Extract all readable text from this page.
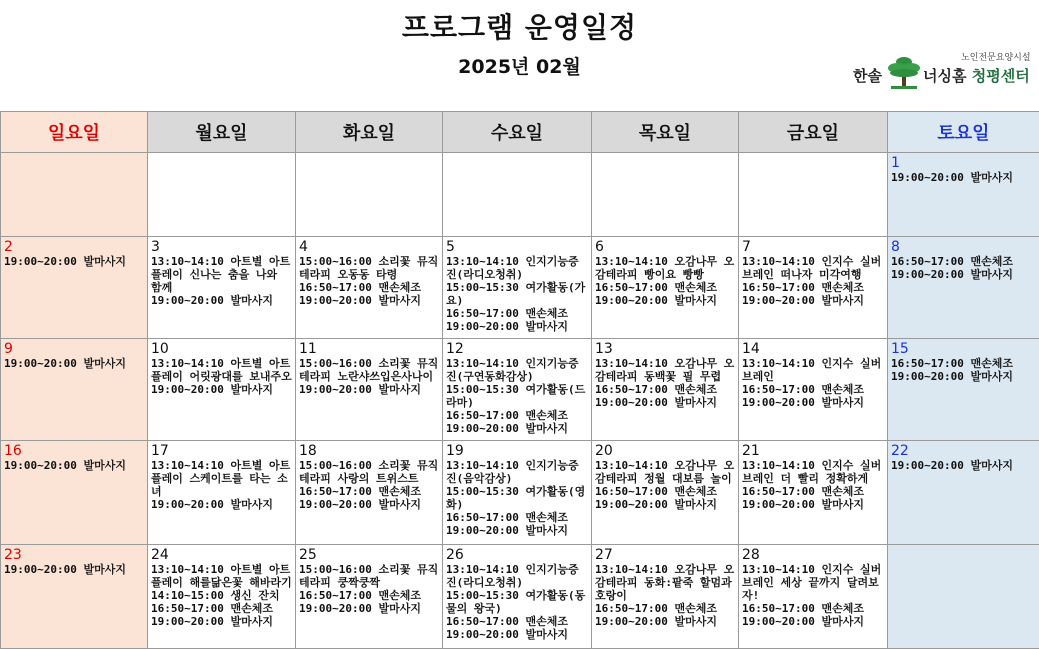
프로그램 운영일정
2025년 02월	노인전문요양시설
한솔	너싱홈 청평센터
일요일	월요일	화요일	수요일	목요일	금요일	토요일

						1
19:00~20:00 발마사지

2
19:00~20:00 발마사지	3
13:10~14:10 아트별 아트플레이 신나는 춤을 나와 함께
19:00~20:00 발마사지	4
15:00~16:00 소리꽃 뮤직테라피 오동동 타령
16:50~17:00 맨손체조
19:00~20:00 발마사지	5
13:10~14:10 인지기능증진(라디오청취)
15:00~15:30 여가활동(가요)
16:50~17:00 맨손체조
19:00~20:00 발마사지	6
13:10~14:10 오감나무 오감테라피 빵이요 빵빵
16:50~17:00 맨손체조
19:00~20:00 발마사지	7
13:10~14:10 인지수 실버브레인 떠나자 미각여행
16:50~17:00 맨손체조
19:00~20:00 발마사지	8
16:50~17:00 맨손체조
19:00~20:00 발마사지

9
19:00~20:00 발마사지	10
13:10~14:10 아트별 아트플레이 어릿광대를 보내주오
19:00~20:00 발마사지	11
15:00~16:00 소리꽃 뮤직테라피 노란샤쓰입은사나이
19:00~20:00 발마사지	12
13:10~14:10 인지기능증진(구연동화감상)
15:00~15:30 여가활동(드라마)
16:50~17:00 맨손체조
19:00~20:00 발마사지	13
13:10~14:10 오감나무 오감테라피 동백꽃 필 무렵
16:50~17:00 맨손체조
19:00~20:00 발마사지	14
13:10~14:10 인지수 실버브레인
16:50~17:00 맨손체조
19:00~20:00 발마사지	15
16:50~17:00 맨손체조
19:00~20:00 발마사지

16
19:00~20:00 발마사지	17
13:10~14:10 아트별 아트플레이 스케이트를 타는 소녀
19:00~20:00 발마사지	18
15:00~16:00 소리꽃 뮤직테라피 사랑의 트위스트
16:50~17:00 맨손체조
19:00~20:00 발마사지	19
13:10~14:10 인지기능증진(음악감상)
15:00~15:30 여가활동(영화)
16:50~17:00 맨손체조
19:00~20:00 발마사지	20
13:10~14:10 오감나무 오감테라피 정월 대보름 놀이
16:50~17:00 맨손체조
19:00~20:00 발마사지	21
13:10~14:10 인지수 실버브레인 더 빨리 정확하게
16:50~17:00 맨손체조
19:00~20:00 발마사지	22
19:00~20:00 발마사지

23
19:00~20:00 발마사지	24
13:10~14:10 아트별 아트플레이 해를닮은꽃 해바라기
14:10~15:00 생신 잔치
16:50~17:00 맨손체조
19:00~20:00 발마사지	25
15:00~16:00 소리꽃 뮤직테라피 쿵짝쿵짝
16:50~17:00 맨손체조
19:00~20:00 발마사지	26
13:10~14:10 인지기능증진(라디오청취)
15:00~15:30 여가활동(동물의 왕국)
16:50~17:00 맨손체조
19:00~20:00 발마사지	27
13:10~14:10 오감나무 오감테라피 동화:팥죽 할멈과 호랑이
16:50~17:00 맨손체조
19:00~20:00 발마사지	28
13:10~14:10 인지수 실버브레인 세상 끝까지 달려보자!
16:50~17:00 맨손체조
19:00~20:00 발마사지	
